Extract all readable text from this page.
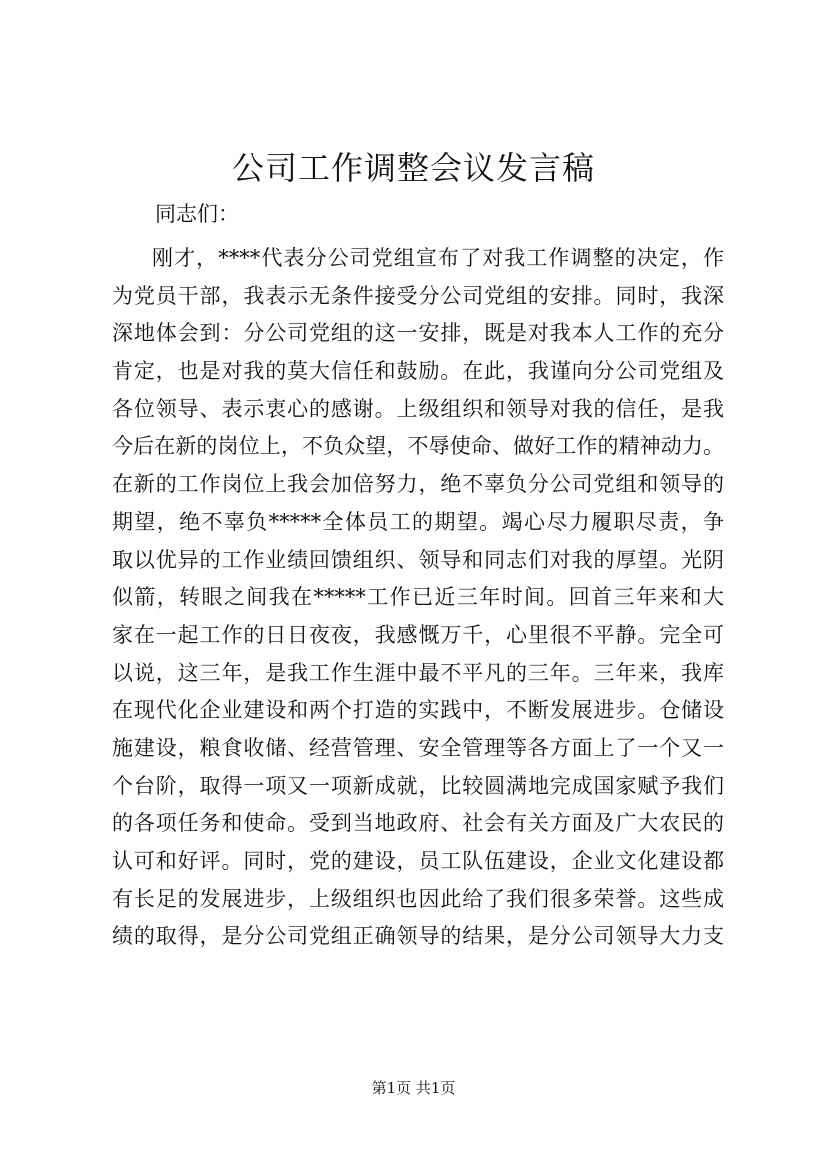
公司工作调整会议发言稿

同志们：

刚才，****代表分公司党组宣布了对我工作调整的决定，作
为党员干部，我表示无条件接受分公司党组的安排。同时，我深
深地体会到：分公司党组的这一安排，既是对我本人工作的充分
肯定，也是对我的莫大信任和鼓励。在此，我谨向分公司党组及
各位领导、表示衷心的感谢。上级组织和领导对我的信任，是我
今后在新的岗位上，不负众望，不辱使命、做好工作的精神动力。
在新的工作岗位上我会加倍努力，绝不辜负分公司党组和领导的
期望，绝不辜负*****全体员工的期望。竭心尽力履职尽责，争
取以优异的工作业绩回馈组织、领导和同志们对我的厚望。光阴
似箭，转眼之间我在*****工作已近三年时间。回首三年来和大
家在一起工作的日日夜夜，我感慨万千，心里很不平静。完全可
以说，这三年，是我工作生涯中最不平凡的三年。三年来，我库
在现代化企业建设和两个打造的实践中，不断发展进步。仓储设
施建设，粮食收储、经营管理、安全管理等各方面上了一个又一
个台阶，取得一项又一项新成就，比较圆满地完成国家赋予我们
的各项任务和使命。受到当地政府、社会有关方面及广大农民的
认可和好评。同时，党的建设，员工队伍建设，企业文化建设都
有长足的发展进步，上级组织也因此给了我们很多荣誉。这些成
绩的取得，是分公司党组正确领导的结果，是分公司领导大力支

第1页 共1页
